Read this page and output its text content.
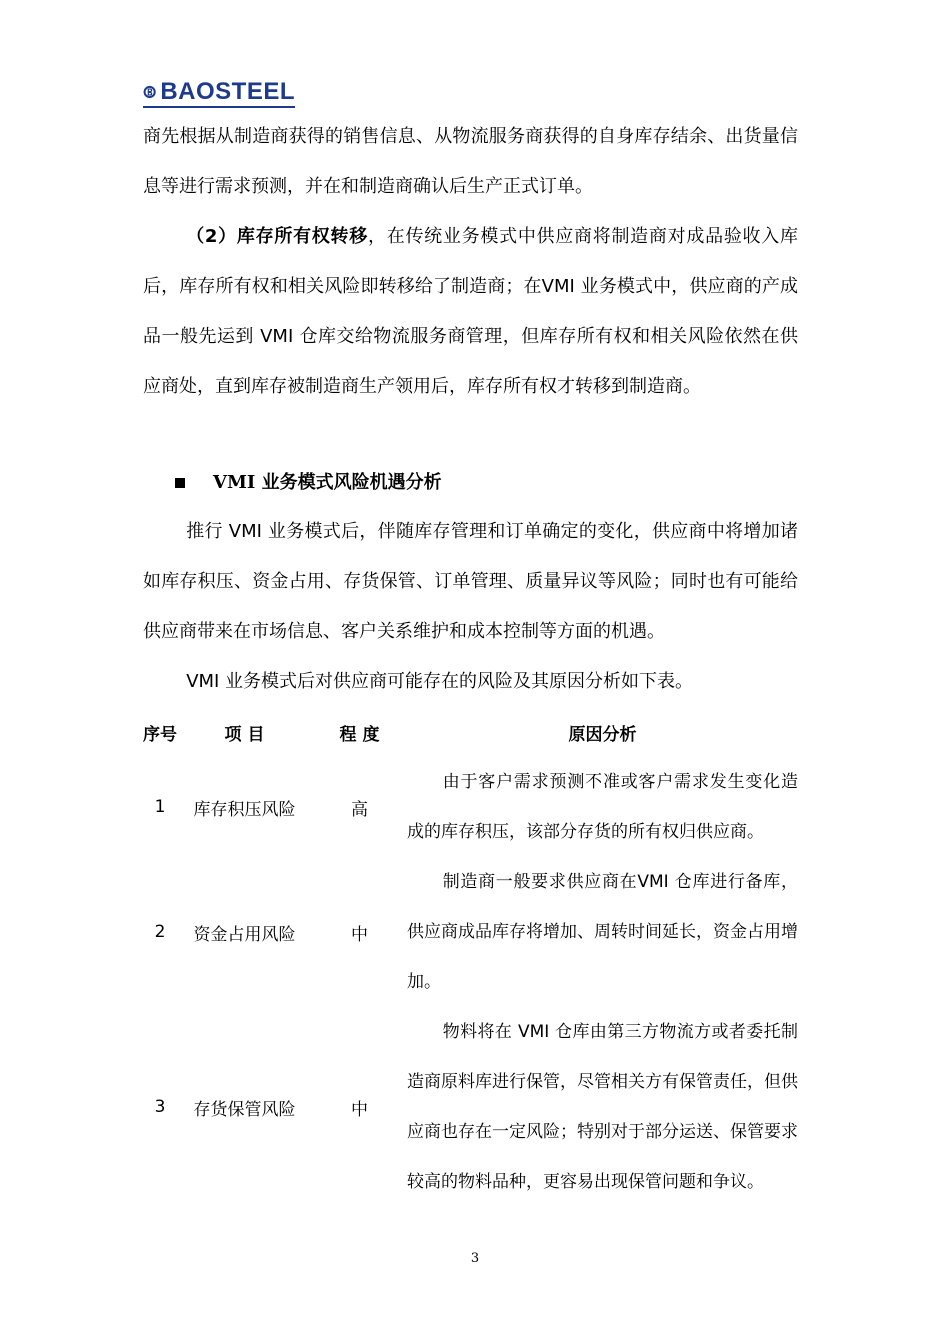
BAOSTEEL

商先根据从制造商获得的销售信息、从物流服务商获得的自身库存结余、出货量信息等进行需求预测，并在和制造商确认后生产正式订单。

（2）库存所有权转移，在传统业务模式中供应商将制造商对成品验收入库后，库存所有权和相关风险即转移给了制造商；在VMI 业务模式中，供应商的产成品一般先运到 VMI 仓库交给物流服务商管理，但库存所有权和相关风险依然在供应商处，直到库存被制造商生产领用后，库存所有权才转移到制造商。

VMI 业务模式风险机遇分析

推行 VMI 业务模式后，伴随库存管理和订单确定的变化，供应商中将增加诸如库存积压、资金占用、存货保管、订单管理、质量异议等风险；同时也有可能给供应商带来在市场信息、客户关系维护和成本控制等方面的机遇。

VMI 业务模式后对供应商可能存在的风险及其原因分析如下表。

序号	项 目	程 度	原因分析
1	库存积压风险	高	由于客户需求预测不准或客户需求发生变化造成的库存积压，该部分存货的所有权归供应商。

2	资金占用风险	中	制造商一般要求供应商在VMI 仓库进行备库，供应商成品库存将增加、周转时间延长，资金占用增加。

3	存货保管风险	中	物料将在 VMI 仓库由第三方物流方或者委托制造商原料库进行保管，尽管相关方有保管责任，但供应商也存在一定风险；特别对于部分运送、保管要求较高的物料品种，更容易出现保管问题和争议。
3
